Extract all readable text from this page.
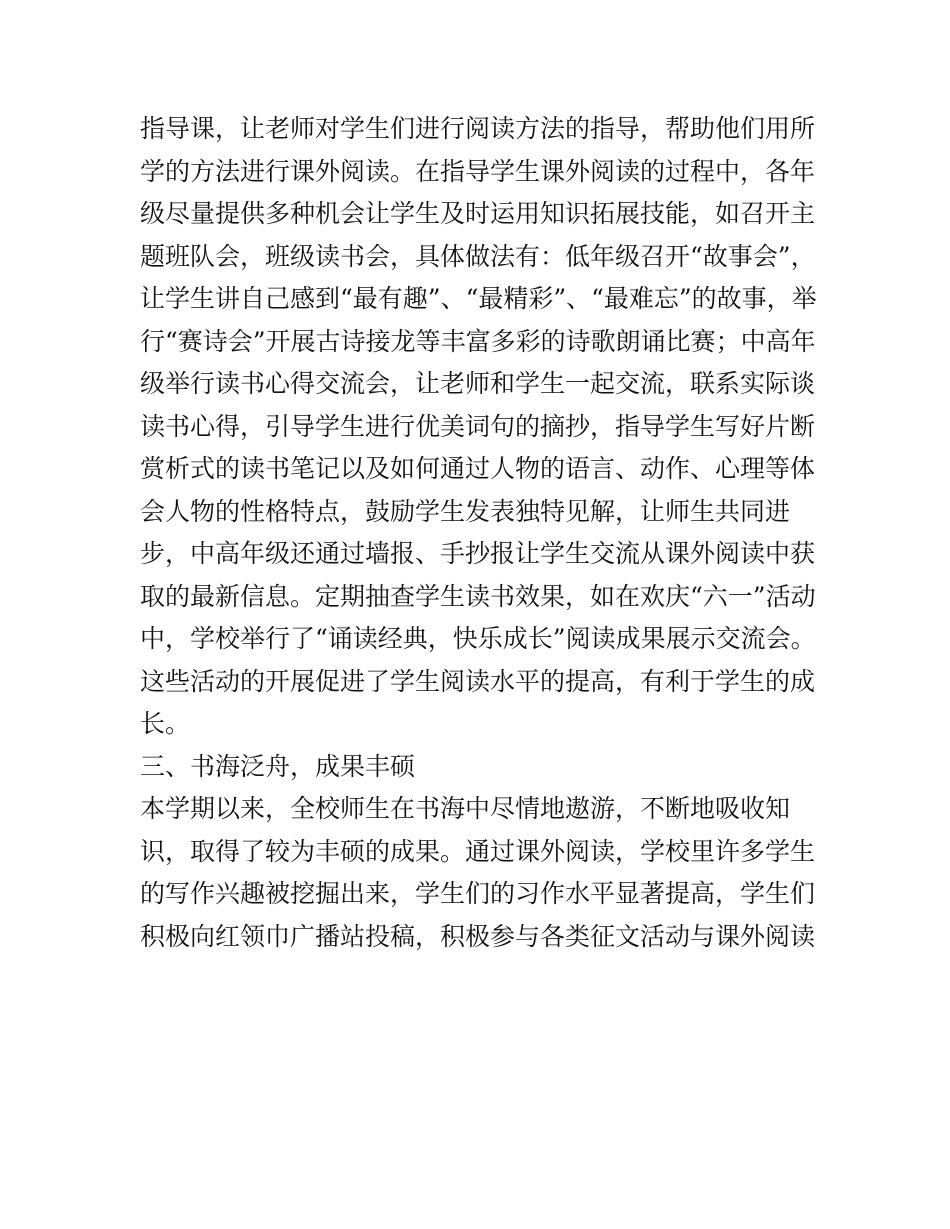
指导课，让老师对学生们进行阅读方法的指导，帮助他们用所
学的方法进行课外阅读。在指导学生课外阅读的过程中，各年
级尽量提供多种机会让学生及时运用知识拓展技能，如召开主
题班队会，班级读书会，具体做法有：低年级召开“故事会”，
让学生讲自己感到“最有趣”、“最精彩”、“最难忘”的故事，举
行“赛诗会”开展古诗接龙等丰富多彩的诗歌朗诵比赛；中高年
级举行读书心得交流会，让老师和学生一起交流，联系实际谈
读书心得，引导学生进行优美词句的摘抄，指导学生写好片断
赏析式的读书笔记以及如何通过人物的语言、动作、心理等体
会人物的性格特点，鼓励学生发表独特见解，让师生共同进
步，中高年级还通过墙报、手抄报让学生交流从课外阅读中获
取的最新信息。定期抽查学生读书效果，如在欢庆“六一”活动
中，学校举行了“诵读经典，快乐成长”阅读成果展示交流会。
这些活动的开展促进了学生阅读水平的提高，有利于学生的成
长。
三、书海泛舟，成果丰硕
本学期以来，全校师生在书海中尽情地遨游，不断地吸收知
识，取得了较为丰硕的成果。通过课外阅读，学校里许多学生
的写作兴趣被挖掘出来，学生们的习作水平显著提高，学生们
积极向红领巾广播站投稿，积极参与各类征文活动与课外阅读
